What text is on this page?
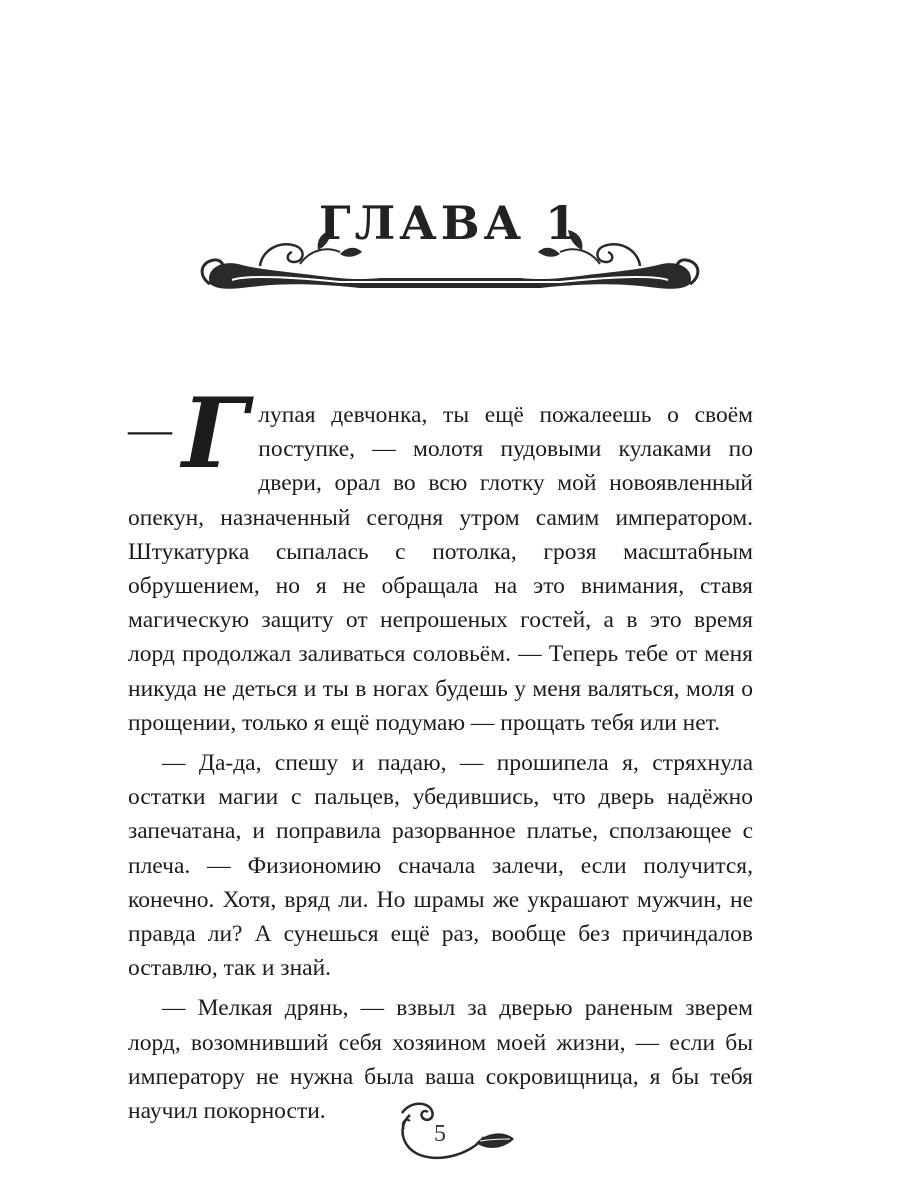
ГЛАВА 1

— Г лупая девчонка, ты ещё пожалеешь о своём поступке, — молотя пудовыми кулаками по двери, орал во всю глотку мой новоявленный опекун, назначенный сегодня утром самим императором. Штукатурка сыпалась с потолка, грозя масштабным обрушением, но я не обращала на это внимания, ставя магическую защиту от непрошеных гостей, а в это время лорд продолжал заливаться соловьём. — Теперь тебе от меня никуда не деться и ты в ногах будешь у меня валяться, моля о прощении, только я ещё подумаю — прощать тебя или нет.

— Да-да, спешу и падаю, — прошипела я, стряхнула остатки магии с пальцев, убедившись, что дверь надёжно запечатана, и поправила разорванное платье, сползающее с плеча. — Физиономию сначала залечи, если получится, конечно. Хотя, вряд ли. Но шрамы же украшают мужчин, не правда ли? А сунешься ещё раз, вообще без причиндалов оставлю, так и знай.

— Мелкая дрянь, — взвыл за дверью раненым зверем лорд, возомнивший себя хозяином моей жизни, — если бы императору не нужна была ваша сокровищница, я бы тебя научил покорности.

5
